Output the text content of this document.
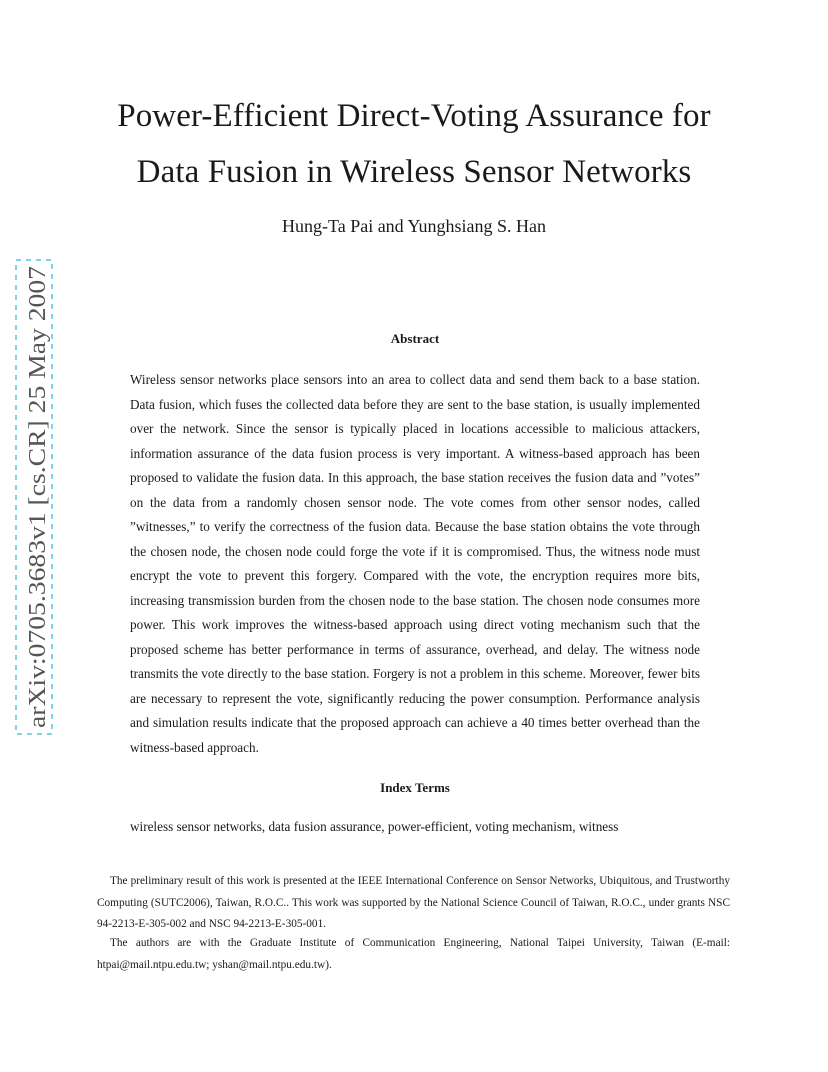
Power-Efficient Direct-Voting Assurance for
Data Fusion in Wireless Sensor Networks
Hung-Ta Pai and Yunghsiang S. Han
arXiv:0705.3683v1 [cs.CR] 25 May 2007	Abstract

Wireless sensor networks place sensors into an area to collect data and send them back to a base station. Data fusion, which fuses the collected data before they are sent to the base station, is usually implemented over the network. Since the sensor is typically placed in locations accessible to malicious attackers, information assurance of the data fusion process is very important. A witness-based approach has been proposed to validate the fusion data. In this approach, the base station receives the fusion data and ”votes” on the data from a randomly chosen sensor node. The vote comes from other sensor nodes, called ”witnesses,” to verify the correctness of the fusion data. Because the base station obtains the vote through the chosen node, the chosen node could forge the vote if it is compromised. Thus, the witness node must encrypt the vote to prevent this forgery. Compared with the vote, the encryption requires more bits, increasing transmission burden from the chosen node to the base station. The chosen node consumes more power. This work improves the witness-based approach using direct voting mechanism such that the proposed scheme has better performance in terms of assurance, overhead, and delay. The witness node transmits the vote directly to the base station. Forgery is not a problem in this scheme. Moreover, fewer bits are necessary to represent the vote, significantly reducing the power consumption. Performance analysis and simulation results indicate that the proposed approach can achieve a 40 times better overhead than the witness-based approach.

Index Terms

wireless sensor networks, data fusion assurance, power-efficient, voting mechanism, witness

The preliminary result of this work is presented at the IEEE International Conference on Sensor Networks, Ubiquitous, and Trustworthy Computing (SUTC2006), Taiwan, R.O.C.. This work was supported by the National Science Council of Taiwan, R.O.C., under grants NSC 94-2213-E-305-002 and NSC 94-2213-E-305-001.

The authors are with the Graduate Institute of Communication Engineering, National Taipei University, Taiwan (E-mail: htpai@mail.ntpu.edu.tw; yshan@mail.ntpu.edu.tw).
